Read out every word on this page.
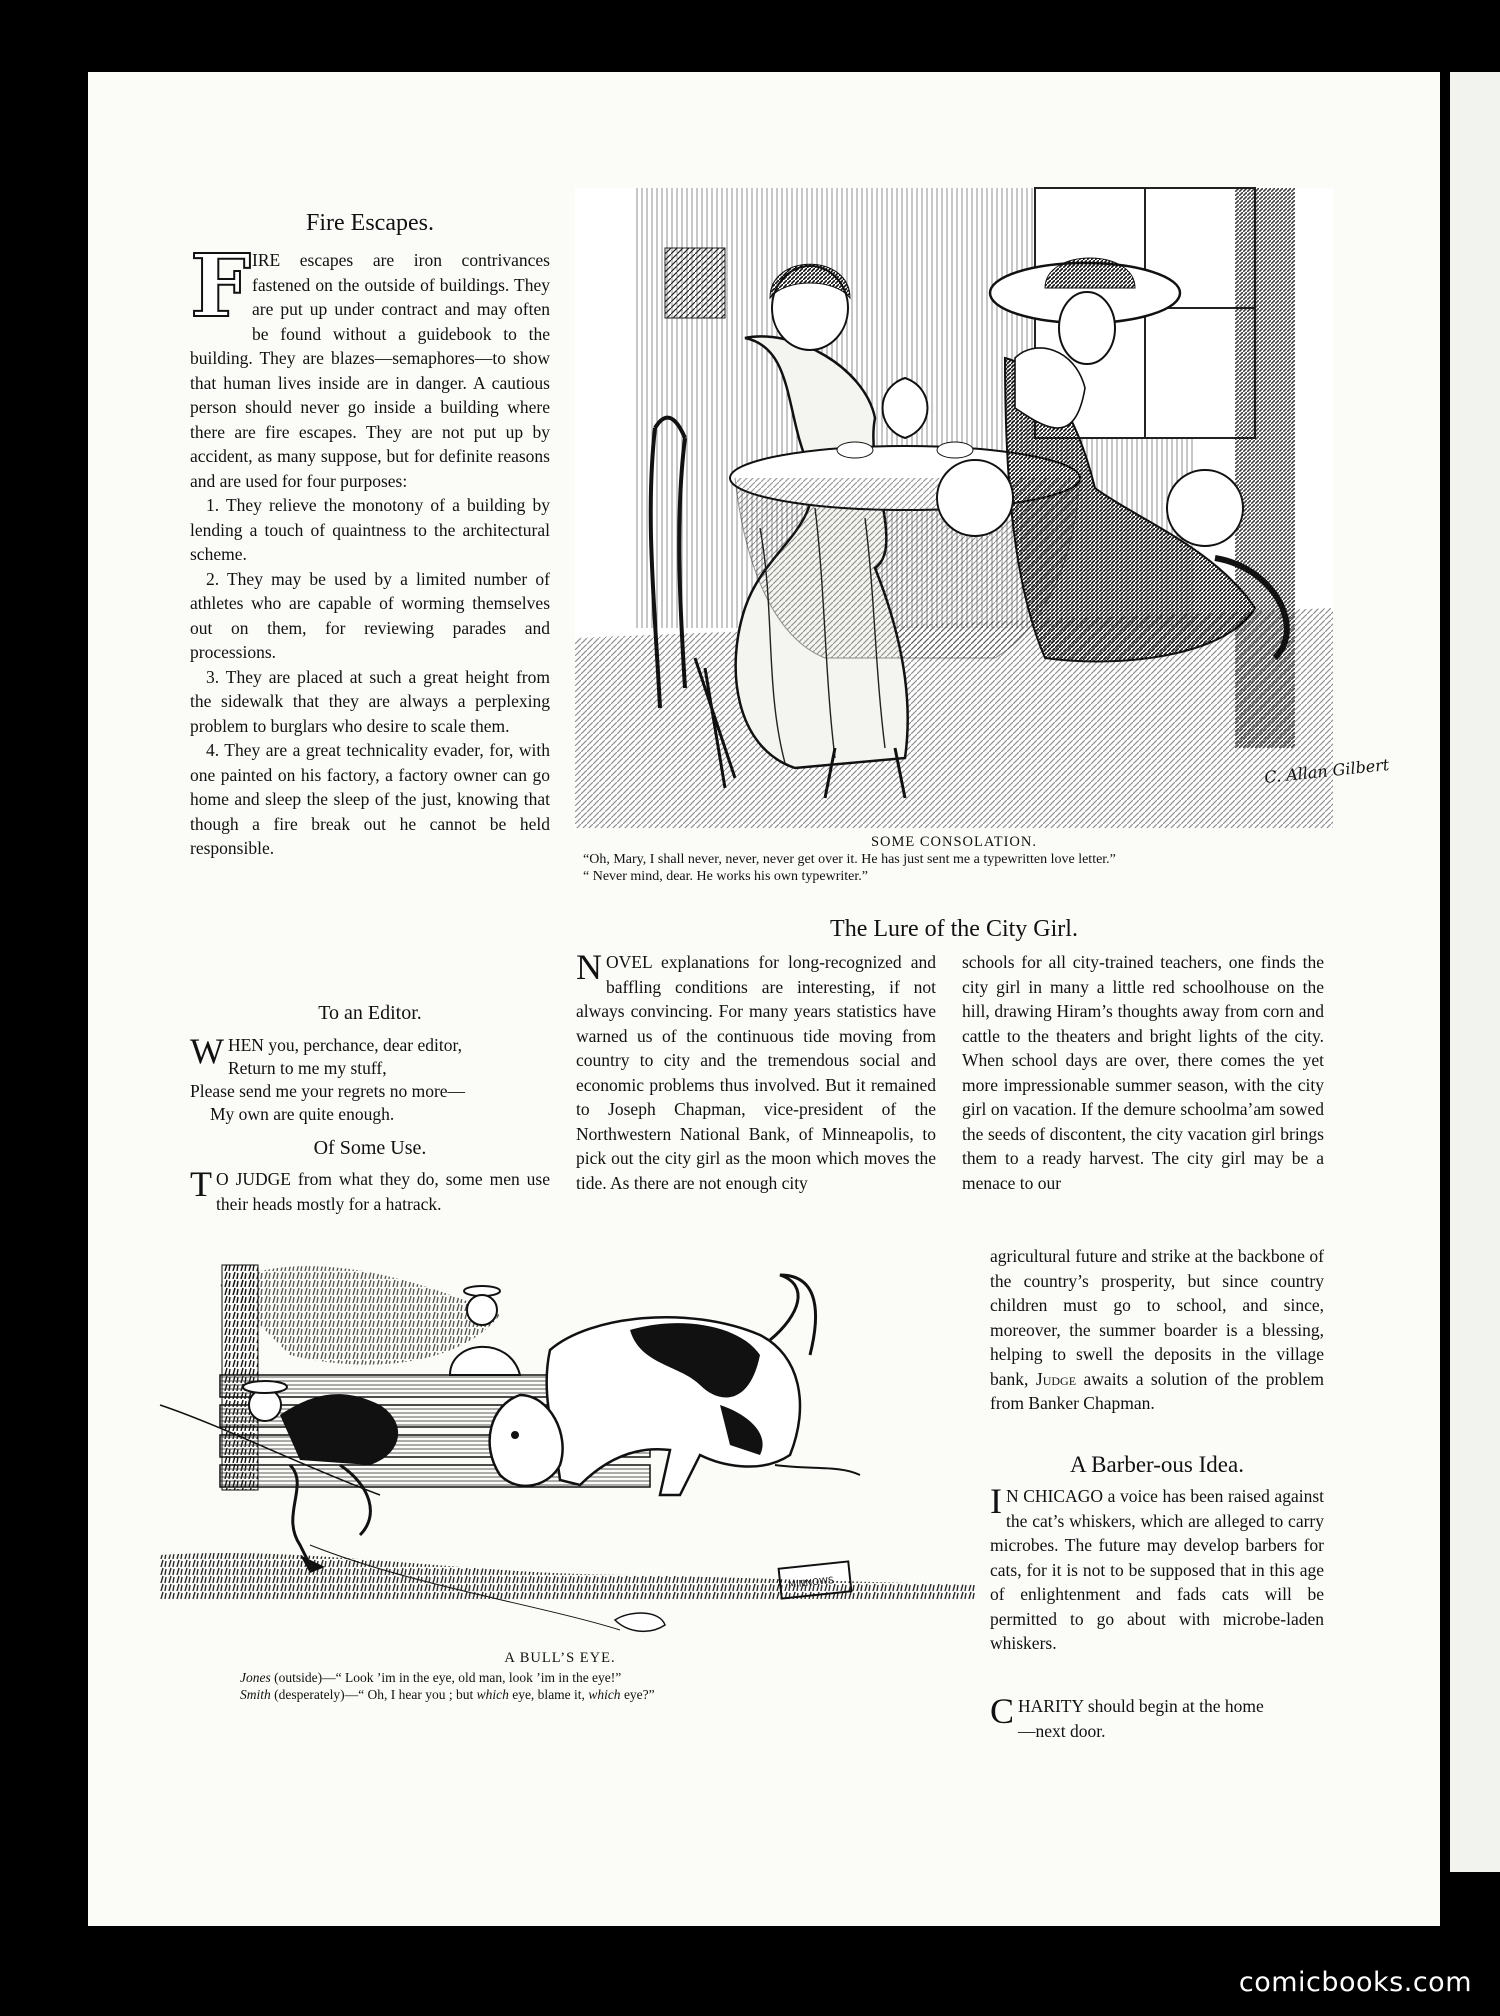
Fire Escapes.
F IRE escapes are iron contrivances fastened on the outside of buildings. They are put up under contract and may often be found without a guidebook to the building. They are blazes—semaphores—to show that human lives inside are in danger. A cautious person should never go inside a building where there are fire escapes. They are not put up by accident, as many suppose, but for definite reasons and are used for four purposes:

1. They relieve the monotony of a building by lending a touch of quaintness to the architectural scheme.

2. They may be used by a limited number of athletes who are capable of worming themselves out on them, for reviewing parades and processions.

3. They are placed at such a great height from the sidewalk that they are always a perplexing problem to burglars who desire to scale them.

4. They are a great technicality evader, for, with one painted on his factory, a factory owner can go home and sleep the sleep of the just, knowing that though a fire break out he cannot be held responsible.

To an Editor.
W HEN you, perchance, dear editor,
Return to me my stuff,
Please send me your regrets no more—
My own are quite enough.
Of Some Use.
T O JUDGE from what they do, some men use their heads mostly for a hatrack.

C. Allan Gilbert
SOME CONSOLATION.
“Oh, Mary, I shall never, never, never get over it. He has just sent me a typewritten love letter.”
“ Never mind, dear. He works his own typewriter.”
The Lure of the City Girl.
N OVEL explanations for long-recognized and baffling conditions are interesting, if not always convincing. For many years statistics have warned us of the continuous tide moving from country to city and the tremendous social and economic problems thus involved. But it remained to Joseph Chapman, vice-president of the Northwestern National Bank, of Minneapolis, to pick out the city girl as the moon which moves the tide. As there are not enough city

schools for all city-trained teachers, one finds the city girl in many a little red schoolhouse on the hill, drawing Hiram’s thoughts away from corn and cattle to the theaters and bright lights of the city. When school days are over, there comes the yet more impressionable summer season, with the city girl on vacation. If the demure schoolma’am sowed the seeds of discontent, the city vacation girl brings them to a ready harvest. The city girl may be a menace to our

agricultural future and strike at the backbone of the country’s prosperity, but since country children must go to school, and since, moreover, the summer boarder is a blessing, helping to swell the deposits in the village bank, Judge awaits a solution of the problem from Banker Chapman.

A Barber-ous Idea.
I N CHICAGO a voice has been raised against the cat’s whiskers, which are alleged to carry microbes. The future may develop barbers for cats, for it is not to be supposed that in this age of enlightenment and fads cats will be permitted to go about with microbe-laden whiskers.

C HARITY should begin at the home
—next door.
A BULL’S EYE.
Jones (outside)—“ Look ’im in the eye, old man, look ’im in the eye!”
Smith (desperately)—“ Oh, I hear you ; but which eye, blame it, which eye?”
comicbooks.com
